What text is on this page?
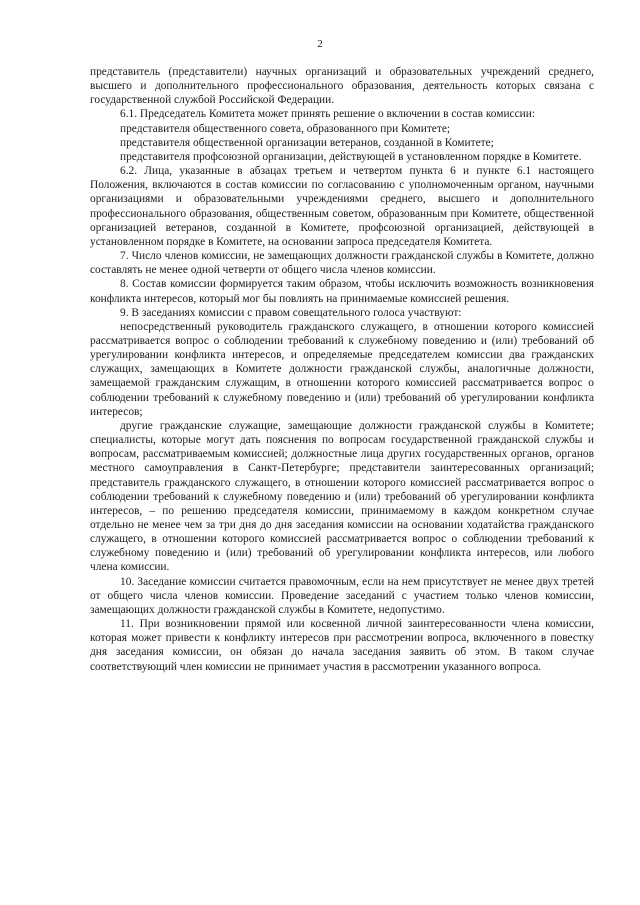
2

представитель (представители) научных организаций и образовательных учреждений среднего, высшего и дополнительного профессионального образования, деятельность которых связана с государственной службой Российской Федерации.

6.1. Председатель Комитета может принять решение о включении в состав комиссии:

представителя общественного совета, образованного при Комитете;

представителя общественной организации ветеранов, созданной в Комитете;

представителя профсоюзной организации, действующей в установленном порядке в Комитете.

6.2. Лица, указанные в абзацах третьем и четвертом пункта 6 и пункте 6.1 настоящего Положения, включаются в состав комиссии по согласованию с уполномоченным органом, научными организациями и образовательными учреждениями среднего, высшего и дополнительного профессионального образования, общественным советом, образованным при Комитете, общественной организацией ветеранов, созданной в Комитете, профсоюзной организацией, действующей в установленном порядке в Комитете, на основании запроса председателя Комитета.

7. Число членов комиссии, не замещающих должности гражданской службы в Комитете, должно составлять не менее одной четверти от общего числа членов комиссии.

8. Состав комиссии формируется таким образом, чтобы исключить возможность возникновения конфликта интересов, который мог бы повлиять на принимаемые комиссией решения.

9. В заседаниях комиссии с правом совещательного голоса участвуют:

непосредственный руководитель гражданского служащего, в отношении которого комиссией рассматривается вопрос о соблюдении требований к служебному поведению и (или) требований об урегулировании конфликта интересов, и определяемые председателем комиссии два гражданских служащих, замещающих в Комитете должности гражданской службы, аналогичные должности, замещаемой гражданским служащим, в отношении которого комиссией рассматривается вопрос о соблюдении требований к служебному поведению и (или) требований об урегулировании конфликта интересов;

другие гражданские служащие, замещающие должности гражданской службы в Комитете; специалисты, которые могут дать пояснения по вопросам государственной гражданской службы и вопросам, рассматриваемым комиссией; должностные лица других государственных органов, органов местного самоуправления в Санкт-Петербурге; представители заинтересованных организаций; представитель гражданского служащего, в отношении которого комиссией рассматривается вопрос о соблюдении требований к служебному поведению и (или) требований об урегулировании конфликта интересов, – по решению председателя комиссии, принимаемому в каждом конкретном случае отдельно не менее чем за три дня до дня заседания комиссии на основании ходатайства гражданского служащего, в отношении которого комиссией рассматривается вопрос о соблюдении требований к служебному поведению и (или) требований об урегулировании конфликта интересов, или любого члена комиссии.

10. Заседание комиссии считается правомочным, если на нем присутствует не менее двух третей от общего числа членов комиссии. Проведение заседаний с участием только членов комиссии, замещающих должности гражданской службы в Комитете, недопустимо.

11. При возникновении прямой или косвенной личной заинтересованности члена комиссии, которая может привести к конфликту интересов при рассмотрении вопроса, включенного в повестку дня заседания комиссии, он обязан до начала заседания заявить об этом. В таком случае соответствующий член комиссии не принимает участия в рассмотрении указанного вопроса.
